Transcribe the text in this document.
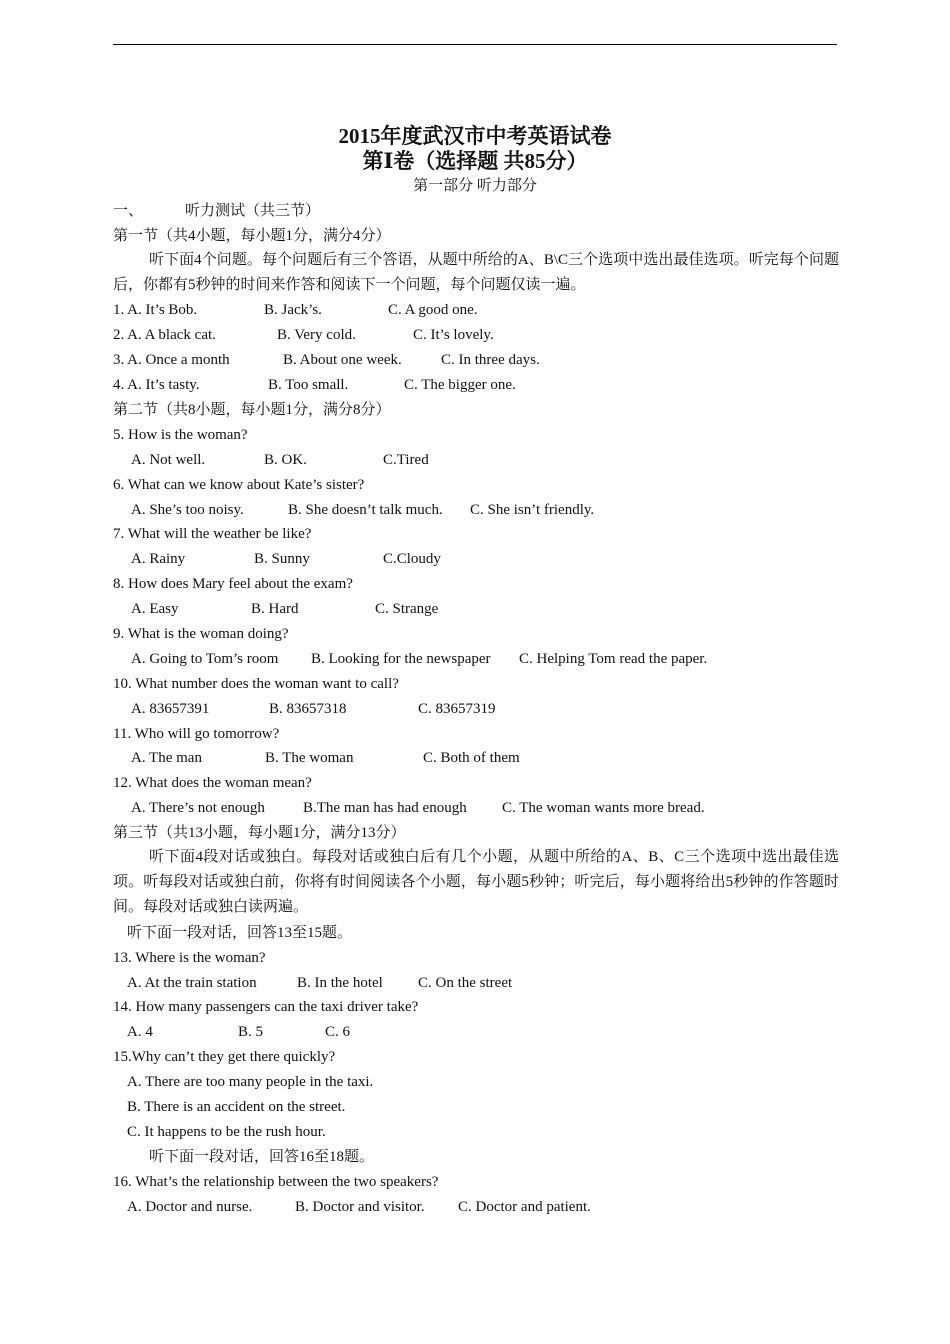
2015年度武汉市中考英语试卷
第Ⅰ卷（选择题 共85分）
第一部分 听力部分
一、	听力测试（共三节）
第一节（共4小题，每小题1分，满分4分）
听下面4个问题。每个问题后有三个答语，从题中所给的A、B\C三个选项中选出最佳选项。听完每个问题后，你都有5秒钟的时间来作答和阅读下一个问题，每个问题仅读一遍。
1. A. It’s Bob.	B. Jack’s.	C. A good one.
2. A. A black cat.	B. Very cold.	C. It’s lovely.
3. A. Once a month	B. About one week.	C. In three days.
4. A. It’s tasty.	B. Too small.	C. The bigger one.
第二节（共8小题，每小题1分，满分8分）
5. How is the woman?
A. Not well.	B. OK.	C.Tired
6. What can we know about Kate’s sister?
A. She’s too noisy.	B. She doesn’t talk much. C. She isn’t friendly.
7. What will the weather be like?
A. Rainy	B. Sunny	C.Cloudy
8. How does Mary feel about the exam?
A. Easy	B. Hard	C. Strange
9. What is the woman doing?
A. Going to Tom’s room B. Looking for the newspaper C. Helping Tom read the paper.
10. What number does the woman want to call?
A. 83657391	B. 83657318	C. 83657319
11. Who will go tomorrow?
A. The man	B. The woman	C. Both of them
12. What does the woman mean?
A. There’s not enough	B.The man has had enough C. The woman wants more bread.
第三节（共13小题，每小题1分，满分13分）
听下面4段对话或独白。每段对话或独白后有几个小题，从题中所给的A、B、C三个选项中选出最佳选项。听每段对话或独白前，你将有时间阅读各个小题，每小题5秒钟；听完后，每小题将给出5秒钟的作答题时间。每段对话或独白读两遍。
听下面一段对话，回答13至15题。
13. Where is the woman?
A. At the train station	B. In the hotel C. On the street
14. How many passengers can the taxi driver take?
A. 4	B. 5	C. 6
15.Why can’t they get there quickly?
A. There are too many people in the taxi.
B. There is an accident on the street.
C. It happens to be the rush hour.
听下面一段对话，回答16至18题。
16. What’s the relationship between the two speakers?
A. Doctor and nurse.	B. Doctor and visitor. C. Doctor and patient.
